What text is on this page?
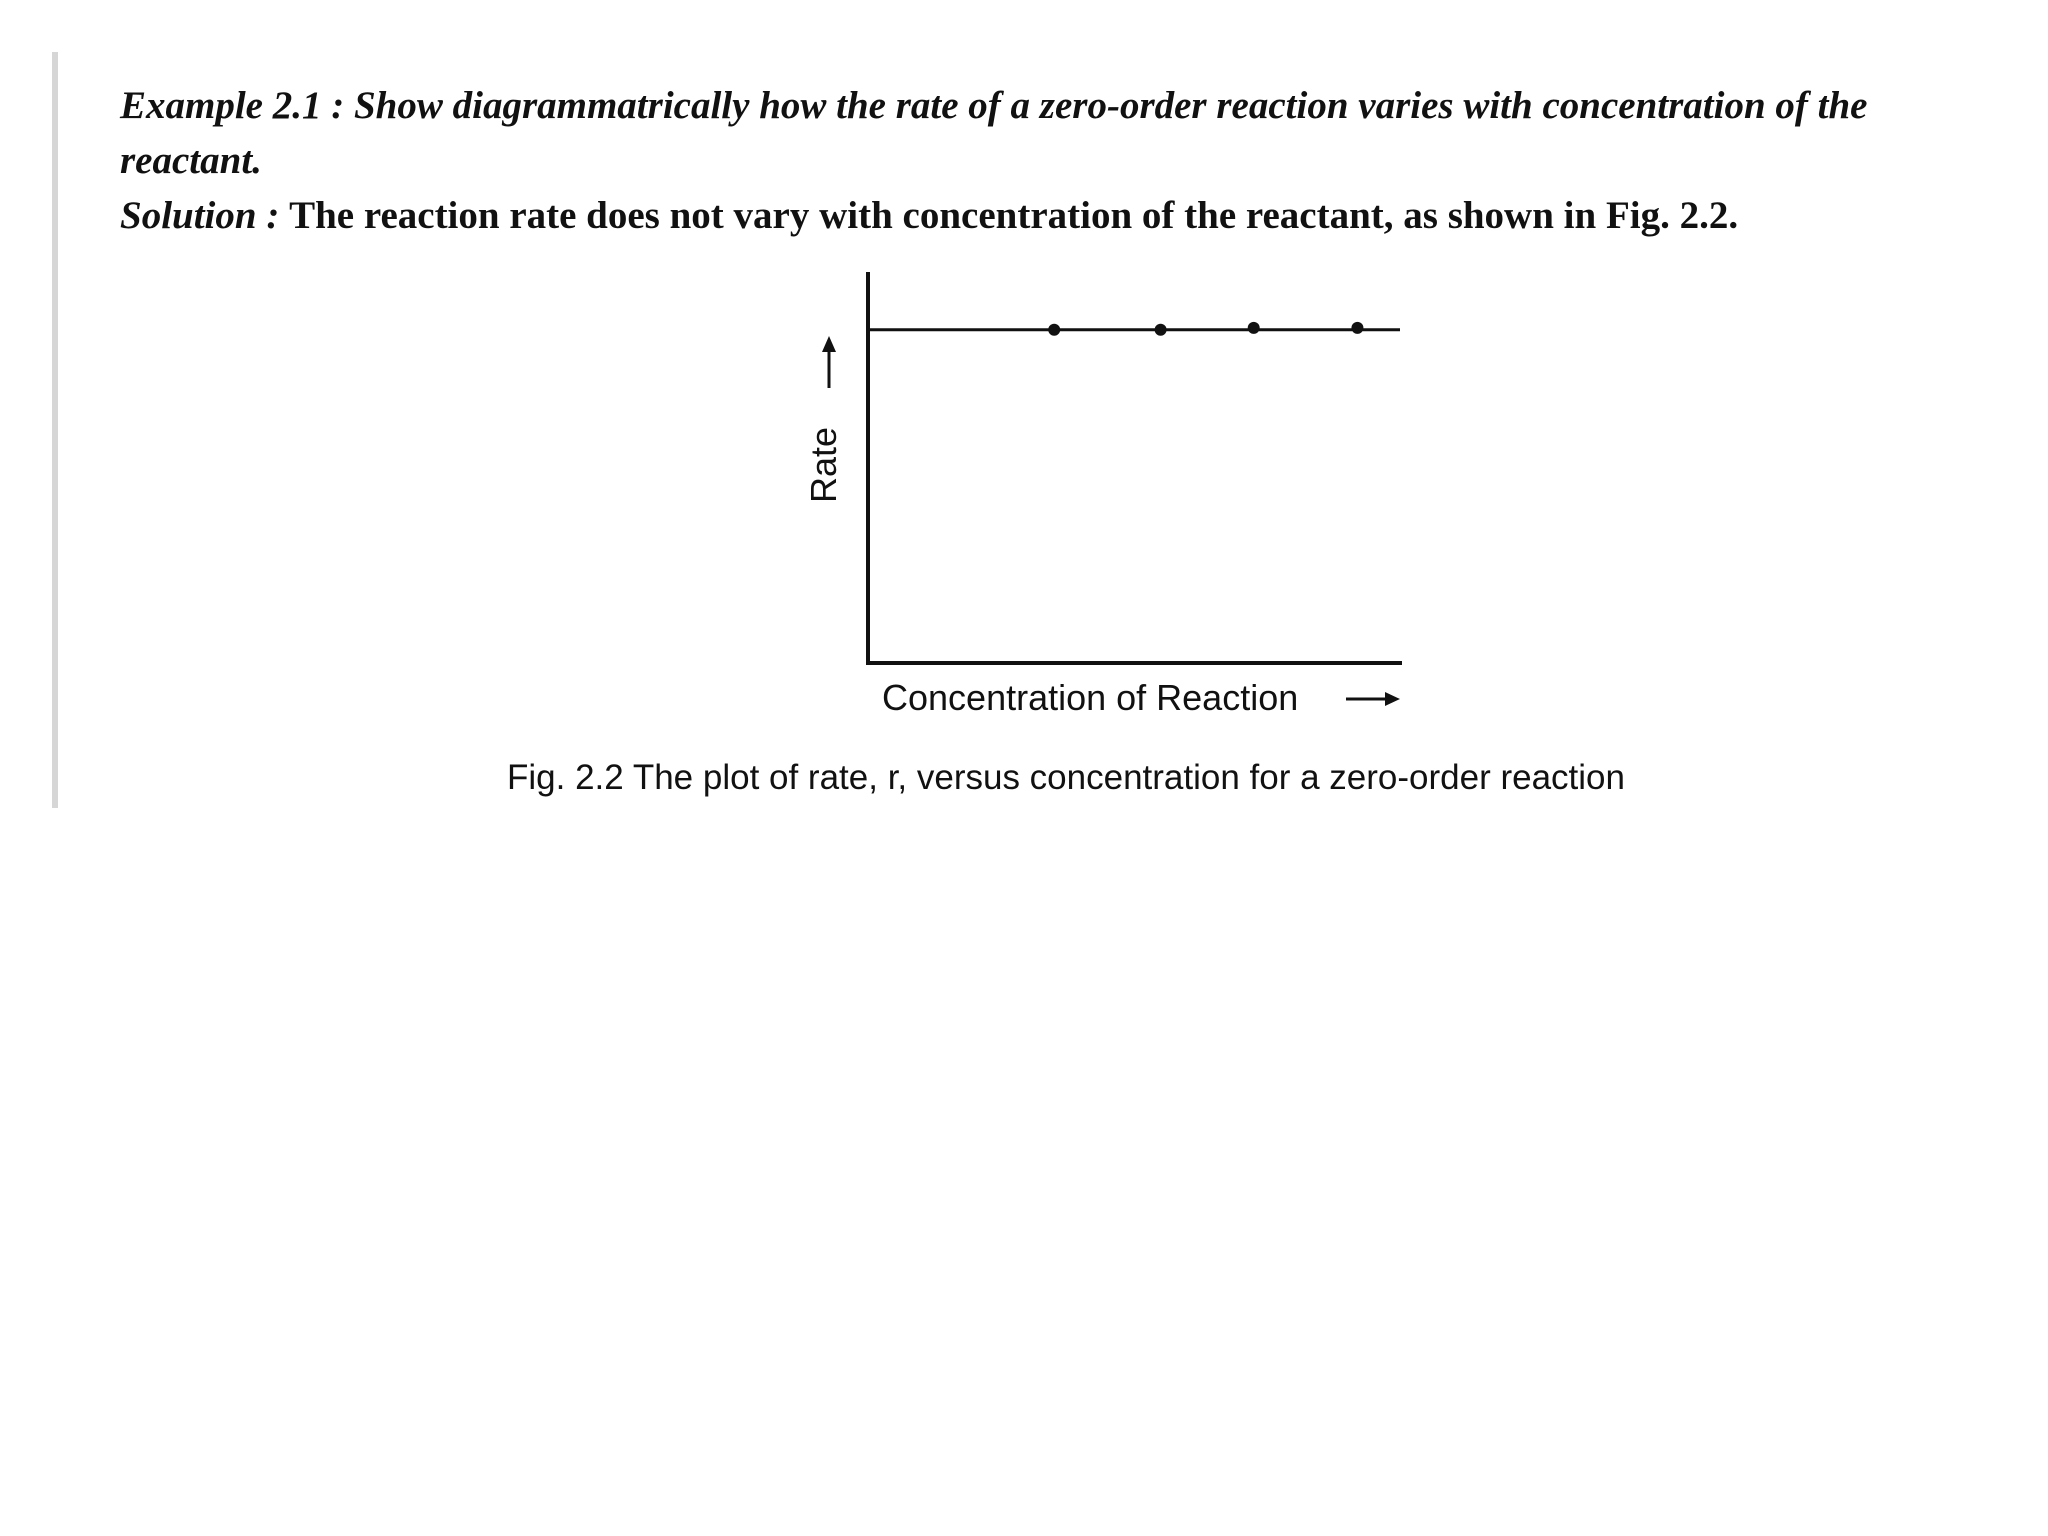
Example 2.1 : Show diagrammatrically how the rate of a zero-order reaction varies with concentration of the reactant.

Solution : The reaction rate does not vary with concentration of the reactant, as shown in Fig. 2.2.

Rate
Concentration of Reaction

Fig. 2.2 The plot of rate, r, versus concentration for a zero-order reaction
